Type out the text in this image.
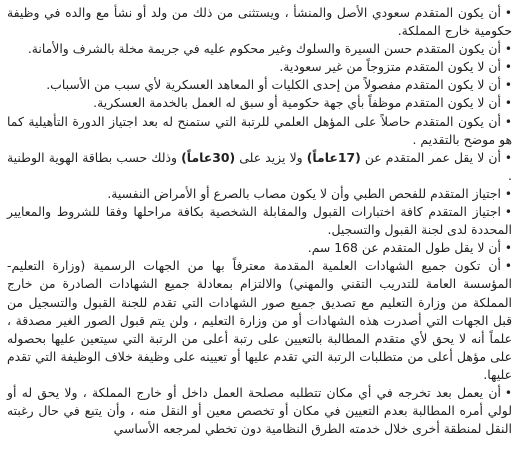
•أن يكون المتقدم سعودي الأصل والمنشأ ، ويستثنى من ذلك من ولد أو نشأ مع والده في وظيفة حكومية خارج المملكة.

•أن يكون المتقدم حسن السيرة والسلوك وغير محكوم عليه في جريمة مخلة بالشرف والأمانة.

•أن لا يكون المتقدم متزوجاً من غير سعودية.

•أن لا يكون المتقدم مفصولاً من إحدى الكليات أو المعاهد العسكرية لأي سبب من الأسباب.

•أن لا يكون المتقدم موظفاً بأي جهة حكومية أو سبق له العمل بالخدمة العسكرية.

•أن يكون المتقدم حاصلاً على المؤهل العلمي للرتبة التي ستمنح له بعد اجتياز الدورة التأهيلية كما هو موضح بالتقديم .

•أن لا يقل عمر المتقدم عن (17عاماً) ولا يزيد على (30عاماً) وذلك حسب بطاقة الهوية الوطنية .

•اجتياز المتقدم للفحص الطبي وأن لا يكون مصاب بالصرع أو الأمراض النفسية.

•اجتياز المتقدم كافة اختبارات القبول والمقابلة الشخصية بكافة مراحلها وفقا للشروط والمعايير المحددة لدى لجنة القبول والتسجيل.

•أن لا يقل طول المتقدم عن 168 سم.

•أن تكون جميع الشهادات العلمية المقدمة معترفاً بها من الجهات الرسمية (وزارة التعليم- المؤسسة العامة للتدريب التقني والمهني) والالتزام بمعادلة جميع الشهادات الصادرة من خارج المملكة من وزارة التعليم مع تصديق جميع صور الشهادات التي تقدم للجنة القبول والتسجيل من قبل الجهات التي أصدرت هذه الشهادات أو من وزارة التعليم ، ولن يتم قبول الصور الغير مصدقة ، علماً أنه لا يحق لأي متقدم المطالبة بالتعيين على رتبة أعلى من الرتبة التي سيتعين عليها بحصوله على مؤهل أعلى من متطلبات الرتبة التي تقدم عليها أو تعيينه على وظيفة خلاف الوظيفة التي تقدم عليها.

•أن يعمل بعد تخرجه في أي مكان تتطلبه مصلحة العمل داخل أو خارج المملكة ، ولا يحق له أو لولي أمره المطالبة بعدم التعيين في مكان أو تخصص معين أو النقل منه ، وأن يتبع في حال رغبته النقل لمنطقة أخرى خلال خدمته الطرق النظامية دون تخطي لمرجعه الأساسي
